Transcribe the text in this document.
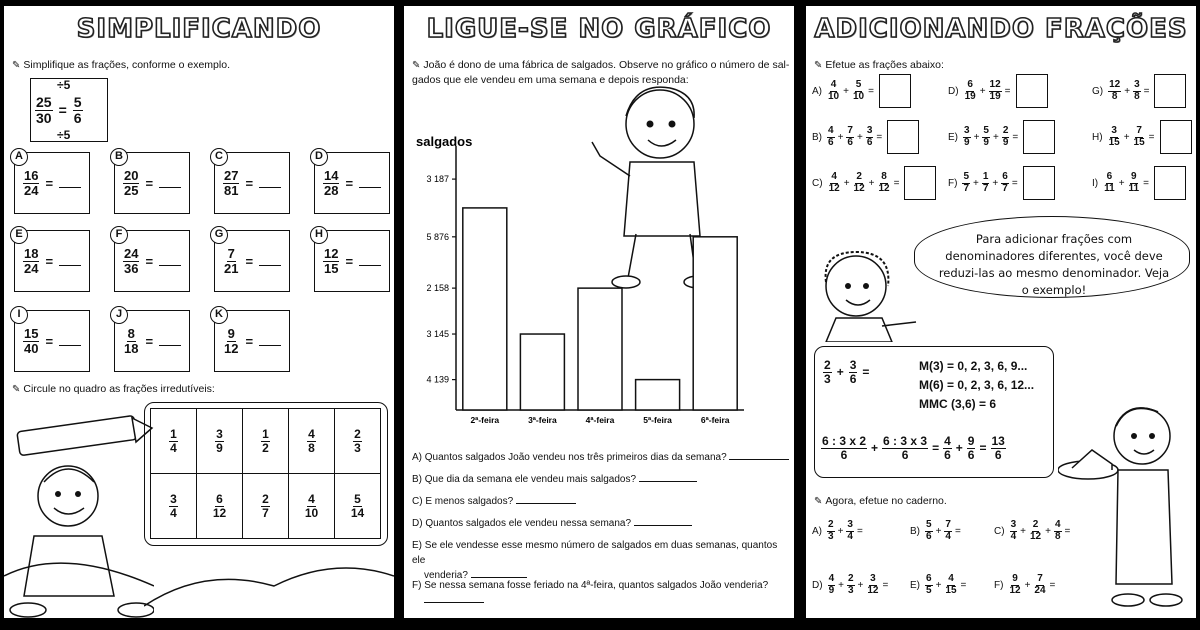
SIMPLIFICANDO
✎ Simplifique as frações, conforme o exemplo.
÷5
$\frac{25}{30} = \frac{5}{6}$
÷5
A
$\frac{16}{24}$ =
B
$\frac{20}{25}$ =
C
$\frac{27}{81}$ =
D
$\frac{14}{28}$ =
E
$\frac{18}{24}$ =
F
$\frac{24}{36}$ =
G
$\frac{7}{21}$ =
H
$\frac{12}{15}$ =
I
$\frac{15}{40}$ =
J
$\frac{8}{18}$ =
K
$\frac{9}{12}$ =
✎ Circule no quadro as frações irredutíveis:
$\frac{1}{4}$	$\frac{3}{9}$	$\frac{1}{2}$	$\frac{4}{8}$	$\frac{2}{3}$

$\frac{3}{4}$	$\frac{6}{12}$	$\frac{2}{7}$	$\frac{4}{10}$	$\frac{5}{14}$
LIGUE-SE NO GRÁFICO
✎ João é dono de uma fábrica de salgados. Observe no gráfico o número de sal-
gados que ele vendeu em uma semana e depois responda:
salgados
3 187
5 876
2 158
3 145
4 139
2ª-feira	3ª-feira	4ª-feira	5ª-feira	6ª-feira
A) Quantos salgados João vendeu nos três primeiros dias da semana?
B) Que dia da semana ele vendeu mais salgados?
C) E menos salgados?
D) Quantos salgados ele vendeu nessa semana?
E) Se ele vendesse esse mesmo número de salgados em duas semanas, quantos ele
venderia?
F) Se nessa semana fosse feriado na 4ª-feira, quantos salgados João venderia?

ADICIONANDO FRAÇÕES
✎ Efetue as frações abaixo:
$A) \frac{4}{10} + \frac{5}{10}$ =
$B) \frac{4}{6} + \frac{7}{6} + \frac{3}{6}$ =
$C) \frac{4}{12} + \frac{2}{12} + \frac{8}{12}$ =
$D) \frac{6}{19} + \frac{12}{19}$ =
$E) \frac{3}{9} + \frac{5}{9} + \frac{2}{9}$ =
$F) \frac{5}{7} + \frac{1}{7} + \frac{6}{7}$ =
$G) \frac{12}{8} + \frac{3}{8}$ =
$H) \frac{3}{15} + \frac{7}{15}$ =
$I) \frac{6}{11} + \frac{9}{11}$ =
Para adicionar frações com denominadores diferentes, você deve reduzi-las ao mesmo denominador. Veja o exemplo!
$\frac{2}{3} + \frac{3}{6}$ =	M(3) = 0, 2, 3, 6, 9...
M(6) = 0, 2, 3, 6, 12...
MMC (3,6) = 6
$\frac{6 : 3 x 2}{6} + \frac{6 : 3 x 3}{6} = \frac{4}{6} + \frac{9}{6} = \frac{13}{6}$
✎ Agora, efetue no caderno.
$A) \frac{2}{3} + \frac{3}{4}$ =	$B) \frac{5}{6} + \frac{7}{4}$ =	$C) \frac{3}{4} + \frac{2}{12} + \frac{4}{8}$ =
$D) \frac{4}{9} + \frac{2}{3} + \frac{3}{12} = E) \frac{6}{5} + \frac{4}{15}$ =	$F) \frac{9}{12} + \frac{7}{24}$ =
